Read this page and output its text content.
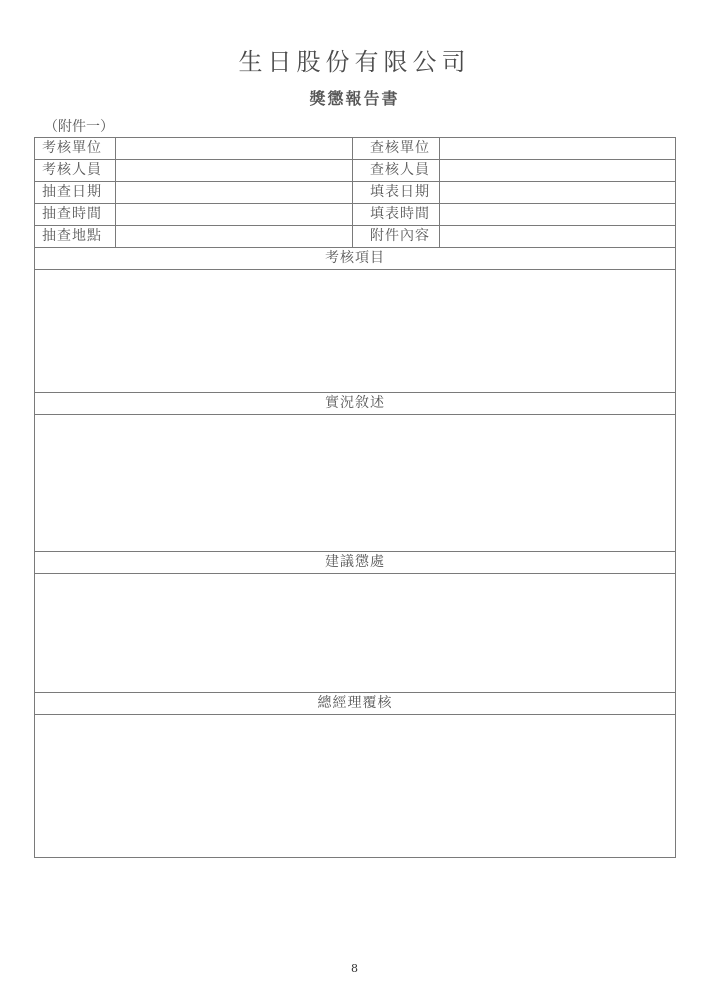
生日股份有限公司
獎懲報告書
（附件一）
考核單位		查核單位	
考核人員		查核人員	
抽查日期		填表日期	
抽查時間		填表時間	
抽查地點		附件內容	
考核項目			

實況敘述			

建議懲處			

總經理覆核			

8
